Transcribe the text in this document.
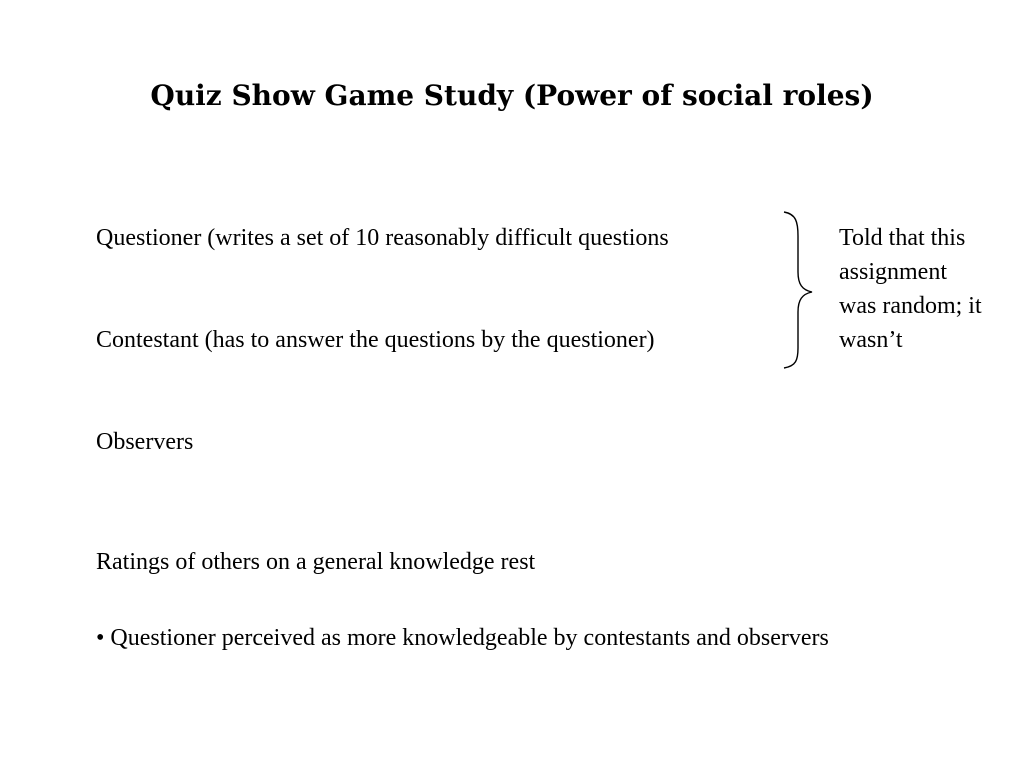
Quiz Show Game Study (Power of social roles)
Questioner (writes a set of 10 reasonably difficult questions	Told that this
assignment
was random; it
wasn’t
Contestant (has to answer the questions by the questioner)
Observers
Ratings of others on a general knowledge rest
• Questioner perceived as more knowledgeable by contestants and observers
